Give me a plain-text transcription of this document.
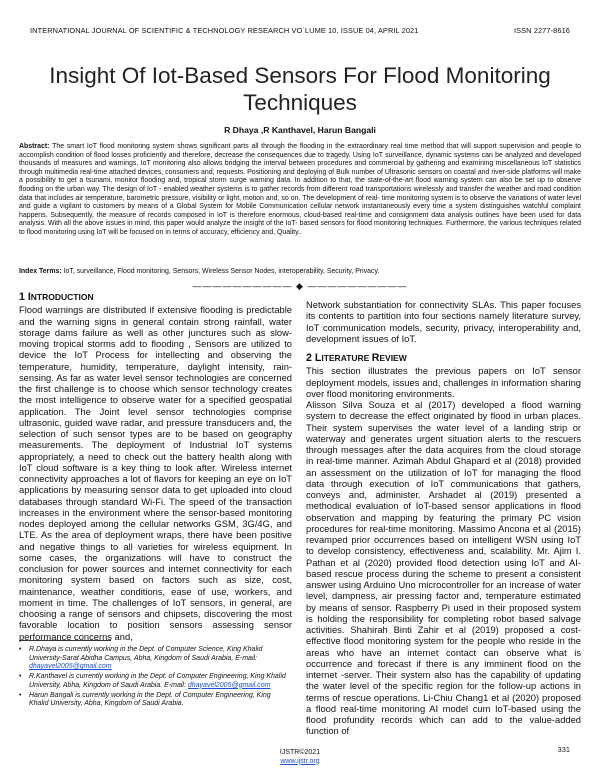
INTERNATIONAL JOURNAL OF SCIENTIFIC & TECHNOLOGY RESEARCH VO`LUME 10, ISSUE 04, APRIL 2021	ISSN 2277-8616
Insight Of Iot-Based Sensors For Flood Monitoring Techniques
R Dhaya ,R Kanthavel, Harun Bangali
Abstract: The smart IoT flood monitoring system shows significant parts all through the flooding in the extraordinary real time method that will support supervision and people to accomplish condition of flood losses proficiently and therefore, decrease the consequences due to tragedy. Using IoT surveillance, dynamic systems can be analyzed and developed thousands of measures and warnings. IoT monitoring also allows bridging the interval between procedures and commercial by gathering and examining miscellaneous IoT statistics through multimedia real-time attached devices, consumers and, requests. Positioning and deploying of Bulk number of Ultrasonic sensors on coastal and river-side platforms will make a possibility to get a tsunami, monitor flooding and, tropical storm surge warning data. In addition to that, the state-of-the-art flood warning system can also be set up to observe flooding on the urban way. The design of IoT - enabled weather systems is to gather records from different road transportations wirelessly and transfer the weather and road condition data that includes air temperature, barometric pressure, visibility or light, motion and, so on. The development of real- time monitoring system is to observe the variations of water level and guide a vigilant to customers by means of a Global System for Mobile Communication cellular network instantaneously every time a system distinguishes watchful complaint happens. Subsequently, the measure of records composed in IoT is therefore enormous, cloud-based real-time and consignment data analysis outlines have been used for data analysis. With all the above issues in mind, this paper would analyze the insight of the IoT- based sensors for flood monitoring techniques. Furthermore, the various techniques related to flood monitoring using IoT will be focused on in terms of accuracy, efficiency and, Quality..
Index Terms: IoT, surveillance, Flood monitoring, Sensors, Wireless Sensor Nodes, interoperability, Security, Privacy.
—————————— ◆ ——————————
1 INTRODUCTION

Flood warnings are distributed if extensive flooding is predictable and the warning signs in general contain strong rainfall, water storage dams failure as well as other junctures such as slow-moving tropical storms add to flooding , Sensors are utilized to device the IoT Process for intellecting and observing the temperature, humidity, temperature, daylight intensity, rain- sensing. As far as water level sensor technologies are concerned the first challenge is to choose which sensor technology creates the most intelligence to observe water for a specified geospatial application. The Joint level sensor technologies comprise ultrasonic, guided wave radar, and pressure transducers and, the selection of such sensor types are to be based on geography measurements. The deployment of Industrial IoT systems appropriately, a need to check out the battery health along with IoT cloud software is a key thing to look after. Wireless internet connectivity approaches a lot of flavors for keeping an eye on IoT applications by measuring sensor data to get uploaded into cloud databases through standard Wi-Fi. The speed of the transaction increases in the environment where the sensor-based monitoring nodes deployed among the cellular networks GSM, 3G/4G, and LTE. As the area of deployment wraps, there have been positive and negative things to all varieties for wireless equipment. In some cases, the organizations will have to construct the conclusion for power sources and internet connectivity for each monitoring system based on factors such as size, cost, maintenance, weather conditions, ease of use, workers, and moment in time. The challenges of IoT sensors, in general, are choosing a range of sensors and chipsets, discovering the most favorable location to position sensors assessing sensor performance concerns and,

Network substantiation for connectivity SLAs. This paper focuses its contents to partition into four sections namely literature survey, IoT communication models, security, privacy, interoperability and, development issues of IoT.

2 LITERATURE REVIEW

This section illustrates the previous papers on IoT sensor deployment models, issues and, challenges in information sharing over flood monitoring environments.
Alisson Silva Souza et al (2017) developed a flood warning system to decrease the effect originated by flood in urban places. Their system supervises the water level of a landing strip or waterway and generates urgent situation alerts to the rescuers through messages after the data acquires from the cloud storage in real-time manner. Azimah Abdul Ghapard et al (2018) provided an assessment on the utilization of IoT for managing the flood data through execution of IoT communications that gathers, conveys and, administer. Arshadet al (2019) presented a methodical evaluation of IoT-based sensor applications in flood observation and mapping by featuring the primary PC vision procedures for real-time monitoring. Massimo Ancona et al (2015) revamped prior occurrences based on intelligent WSN using IoT to develop consistency, effectiveness and, scalability. Mr. Ajim I. Pathan et al (2020) provided flood detection using IoT and AI-based rescue process during the scheme to present a consistent answer using Arduino Uno microcontroller for an increase of water level, dampness, air pressing factor and, temperature estimated by means of sensor. Raspberry Pi used in their proposed system is holding the responsibility for completing robot based salvage activities. Shahirah Binti Zahir et al (2019) proposed a cost-effective flood monitoring system for the people who reside in the areas who have an internet contact can observe what is occurrence and forecast if there is any imminent flood on the internet -server. Their system also has the capability of updating the water level of the specific region for the follow-up actions in terms of rescue operations. Li-Chiu Chang1 et al (2020) proposed a flood real-time monitoring AI model cum IoT-based using the flood profundity records which can add to the value-added function of

• R.Dhaya is currently working in the Dept. of Computer Science, King Khalid University-Sarat Abidha Campus, Abha, Kingdom of Saudi Arabia, E-mail: dhayavel2005@gmail.com
• R.Kanthavel is currently working in the Dept. of Computer Engineering, King Khalid University, Abha, Kingdom of Saudi Arabia. E-mail: dhayavel2005@gmail.com
• Harun Bangali is currently working in the Dept. of Computer Engineering, King Khalid University, Abha, Kingdom of Saudi Arabia.
331
IJSTR©2021
www.ijstr.org
